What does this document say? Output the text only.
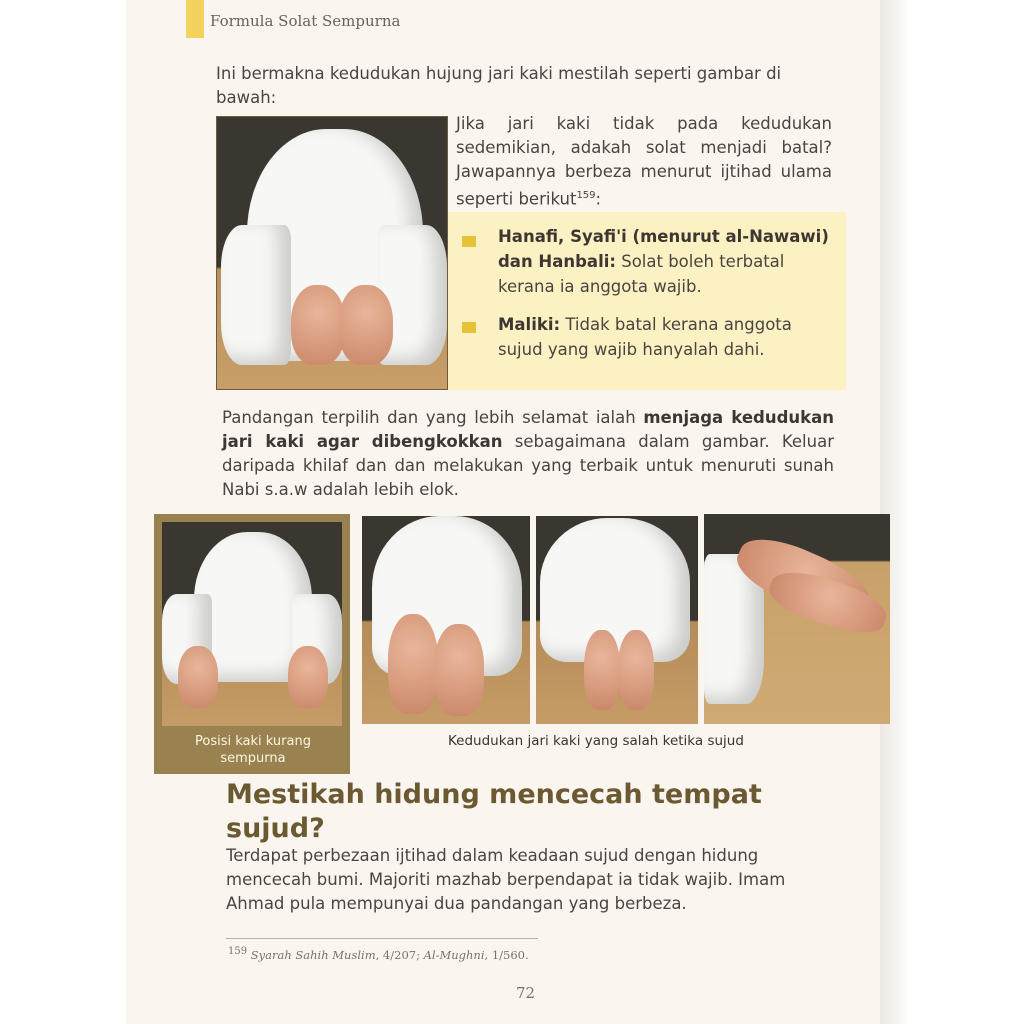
Formula Solat Sempurna
Ini bermakna kedudukan hujung jari kaki mestilah seperti gambar di bawah:
Jika jari kaki tidak pada kedudukan sedemikian, adakah solat menjadi batal? Jawapannya berbeza menurut ijtihad ulama seperti berikut$^{159}$:
Hanafi, Syafi'i (menurut al-Nawawi) dan Hanbali: Solat boleh terbatal kerana ia anggota wajib.
Maliki: Tidak batal kerana anggota sujud yang wajib hanyalah dahi.
Pandangan terpilih dan yang lebih selamat ialah menjaga kedudukan jari kaki agar dibengkokkan sebagaimana dalam gambar. Keluar daripada khilaf dan dan melakukan yang terbaik untuk menuruti sunah Nabi s.a.w adalah lebih elok.
Posisi kaki kurang sempurna
Kedudukan jari kaki yang salah ketika sujud
Mestikah hidung mencecah tempat sujud?
Terdapat perbezaan ijtihad dalam keadaan sujud dengan hidung mencecah bumi. Majoriti mazhab berpendapat ia tidak wajib. Imam Ahmad pula mempunyai dua pandangan yang berbeza.
159 Syarah Sahih Muslim, 4/207; Al-Mughni, 1/560.
72
